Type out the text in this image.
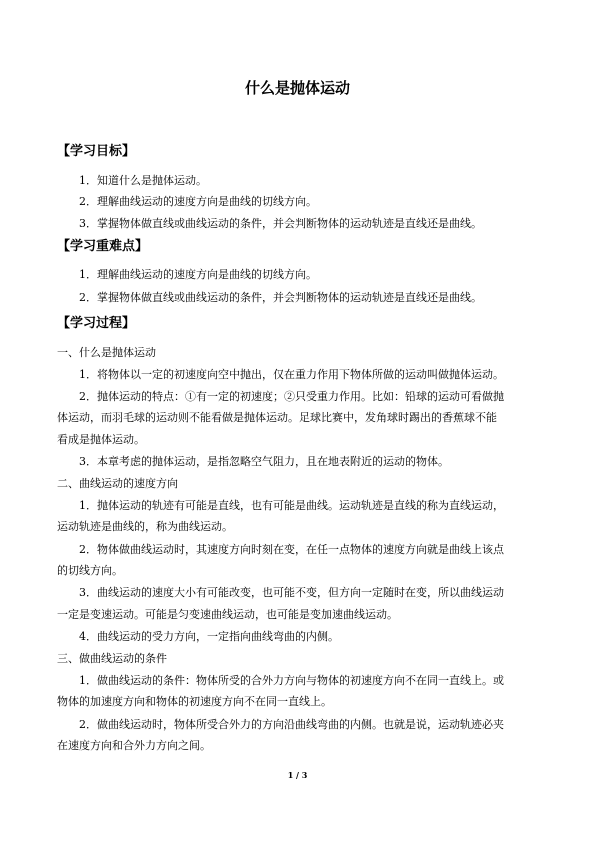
什么是抛体运动
【学习目标】
1．知道什么是抛体运动。
2．理解曲线运动的速度方向是曲线的切线方向。
3．掌握物体做直线或曲线运动的条件，并会判断物体的运动轨迹是直线还是曲线。
【学习重难点】
1．理解曲线运动的速度方向是曲线的切线方向。
2．掌握物体做直线或曲线运动的条件，并会判断物体的运动轨迹是直线还是曲线。
【学习过程】
一、什么是抛体运动
1．将物体以一定的初速度向空中抛出，仅在重力作用下物体所做的运动叫做抛体运动。
2．抛体运动的特点：①有一定的初速度；②只受重力作用。比如：铅球的运动可看做抛
体运动，而羽毛球的运动则不能看做是抛体运动。足球比赛中，发角球时踢出的香蕉球不能
看成是抛体运动。
3．本章考虑的抛体运动，是指忽略空气阻力，且在地表附近的运动的物体。
二、曲线运动的速度方向
1．抛体运动的轨迹有可能是直线，也有可能是曲线。运动轨迹是直线的称为直线运动，
运动轨迹是曲线的，称为曲线运动。
2．物体做曲线运动时，其速度方向时刻在变，在任一点物体的速度方向就是曲线上该点
的切线方向。
3．曲线运动的速度大小有可能改变，也可能不变，但方向一定随时在变，所以曲线运动
一定是变速运动。可能是匀变速曲线运动，也可能是变加速曲线运动。
4．曲线运动的受力方向，一定指向曲线弯曲的内侧。
三、做曲线运动的条件
1．做曲线运动的条件：物体所受的合外力方向与物体的初速度方向不在同一直线上。或
物体的加速度方向和物体的初速度方向不在同一直线上。
2．做曲线运动时，物体所受合外力的方向沿曲线弯曲的内侧。也就是说，运动轨迹必夹
在速度方向和合外力方向之间。
1 / 3
